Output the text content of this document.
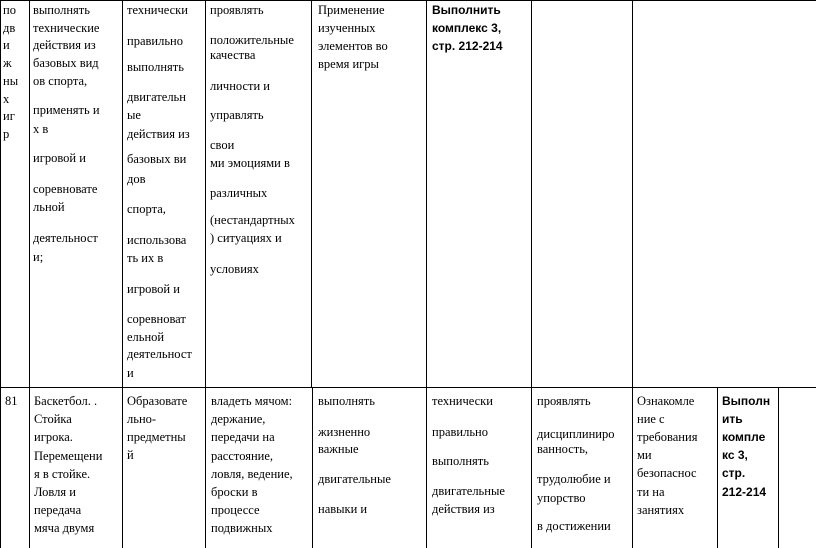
по
дв
и
ж
ны
х
иг
р
выполнять
технические
действия из
базовых вид
ов спорта,
применять и
х в
игровой и
соревновате
льной
деятельност
и;
технически
правильно
выполнять
двигательн
ые
действия из
базовых ви
дов
спорта,
использова
ть их в
игровой и
соревноват
ельной
деятельност
и
проявлять
положительные
качества
личности и
управлять
свои
ми эмоциями в
различных
(нестандартных
) ситуациях и
условиях
Применение
изученных
элементов во
время игры
Выполнить
комплекс 3,
стр. 212-214
81 Баскетбол. .
Стойка
игрока.
Перемещени
я в стойке.
Ловля и
передача
мяча двумя
Образовате
льно-
предметны
й
владеть мячом:
держание,
передачи на
расстояние,
ловля, ведение,
броски в
процессе
подвижных
выполнять
жизненно
важные
двигательные
навыки и
технически
правильно
выполнять
двигательные
действия из
проявлять
дисциплиниро
ванность,
трудолюбие и
упорство
в достижении
Ознакомле
ние с
требования
ми
безопаснос
ти на
занятиях
Выполн
ить
компле
кс 3,
стр.
212-214
